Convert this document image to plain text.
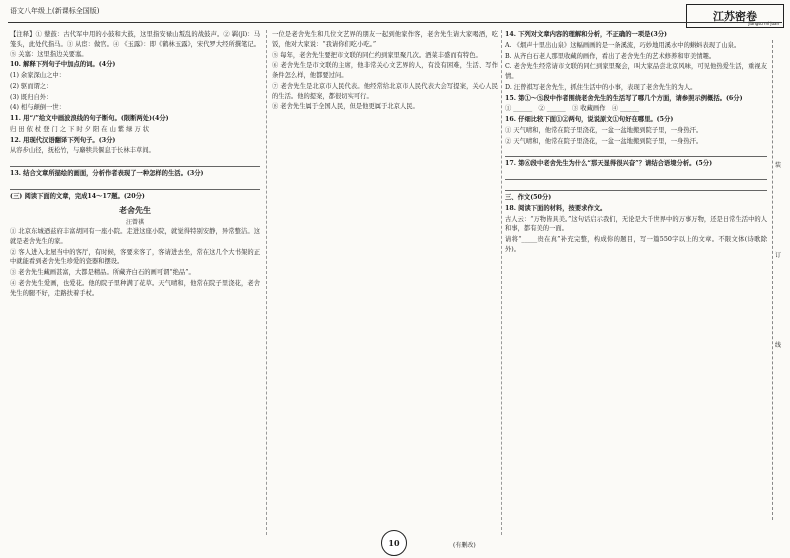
语文八年级上(新课标全国版)	江苏密卷
Jiangsu mi juan

【注释】① 鼙鼓：古代军中用的小鼓和大鼓，这里指安禄山叛乱的战鼓声。② 羁(jī)：马笼头，此处代指马。③ 从宦：做官。④ 《玉露》：即《鹤林玉露》，宋代罗大经所撰笔记。⑤ 关塞：这里指边关要塞。

10. 解释下列句子中加点的词。(4分)

(1) 余家深山之中：

(2) 驱而谓之：

(3) 既归自外：

(4) 相与颠倒一世：

11. 用“/”给文中画波浪线的句子断句。(限断两处)(4分)

归 田 依 杖 登 门 之 下 时 夕 阳 在 山 紫 绿 万 状

12. 用现代汉语翻译下列句子。(3分)

从容步山径，抚松竹，与麝犊共偃息于长林丰草间。

13. 结合文章所描绘的画面，分析作者表现了一种怎样的生活。(3分)

(三) 阅读下面的文章，完成14～17题。(20分)

老舍先生
汪曾祺

① 北京东城迺兹府丰富胡同有一座小院。走进这座小院，就觉得特别安静，异常整洁。这就是老舍先生的家。

② 客人进入北屋当中的客厅，有时候，客要来客了，客请进去坐，常在这几个大书架的正中就能看到老舍先生珍爱的瓷器和摆设。

③ 老舍先生藏画甚富，大都是精品。所藏齐白石的画可谓“绝品”。

④ 老舍先生爱画，也爱花。他的院子里种满了花草。天气晴和，他常在院子里浇花，老舍先生的腿不好，走路扶着手杖。

一位是老舍先生和几位文艺界的朋友一起到他家作客，老舍先生请大家喝酒，吃饭，他对大家说：“我请你们吃小吃。”

⑤ 每年，老舍先生要把市文联的同仁约到家里聚几次。酒菜丰盛而有特色。

⑥ 老舍先生是市文联的主席，他非常关心文艺界的人，有没有困难，生活、写作条件怎么样，他都要过问。

⑦ 老舍先生是北京市人民代表。他经常给北京市人民代表大会写提案，关心人民的生活。他的提案，都很切实可行。

⑧ 老舍先生属于全国人民，但是他更属于北京人民。

(有删改)

14. 下列对文章内容的理解和分析，不正确的一项是(3分)

A. 《烟声十里出山泉》这幅画画的是一条溪流，巧妙地用溪水中的蝌蚪表现了山泉。

B. 从齐白石老人那里收藏的画作，看出了老舍先生的艺术修养和审美情趣。

C. 老舍先生经常请市文联的同仁到家里聚会，叫大家品尝北京风味，可见他热爱生活，重视友情。

D. 汪曾祺写老舍先生，抓住生活中的小事，表现了老舍先生的为人。

15. 第①～⑤段中作者围绕老舍先生的生活写了哪几个方面，请参照示例概括。(6分)

① ______　 ② ______　 ③ 收藏画作　 ④ ______

16. 仔细比较下面①②两句，说说原文①句好在哪里。(5分)

① 天气晴和，他常在院子里浇花，一盆一盆地搬到院子里，一身热汗。

② 天气晴和，他常在院子里浇花，一盆一盆地搬到院子里，一身热汗。

17. 第⑥段中老舍先生为什么“那天显得很兴奋”？请结合语境分析。(5分)

三、作文(50分)

18. 阅读下面的材料，按要求作文。

古人云：“万物皆具美。”这句话启示我们，无论是大千世界中的万事万物，还是日常生活中的人和事，都有美的一面。

请将“_____贵在真”补充完整，构成你的题目，写一篇550字以上的文章。不限文体(诗歌除外)。

装
订
线
10
